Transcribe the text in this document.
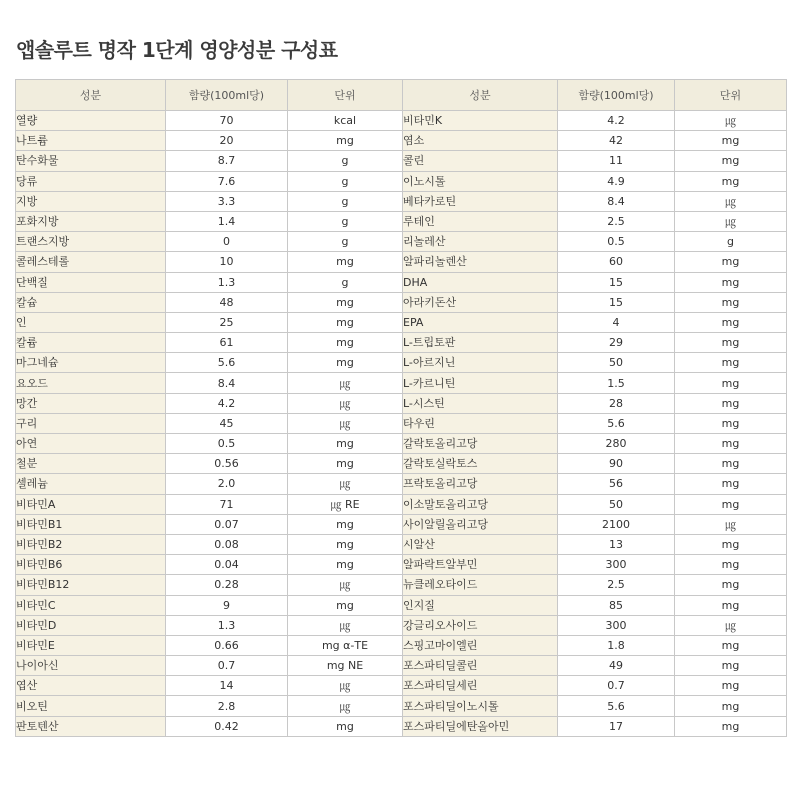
앱솔루트 명작 1단계 영양성분 구성표
성분	함량(100ml당)	단위	성분	함량(100ml당)	단위
열량	70	kcal	비타민K	4.2	㎍
나트륨	20	mg	염소	42	mg
탄수화물	8.7	g	콜린	11	mg
당류	7.6	g	이노시톨	4.9	mg
지방	3.3	g	베타카로틴	8.4	㎍
포화지방	1.4	g	루테인	2.5	㎍
트랜스지방	0	g	리놀레산	0.5	g
콜레스테롤	10	mg	알파리놀렌산	60	mg
단백질	1.3	g	DHA	15	mg
칼슘	48	mg	아라키돈산	15	mg
인	25	mg	EPA	4	mg
칼륨	61	mg	L-트립토판	29	mg
마그네슘	5.6	mg	L-아르지닌	50	mg
요오드	8.4	㎍	L-카르니틴	1.5	mg
망간	4.2	㎍	L-시스틴	28	mg
구리	45	㎍	타우린	5.6	mg
아연	0.5	mg	갈락토올리고당	280	mg
철분	0.56	mg	갈락토실락토스	90	mg
셀레늄	2.0	㎍	프락토올리고당	56	mg
비타민A	71	㎍ RE	이소말토올리고당	50	mg
비타민B1	0.07	mg	사이알릴올리고당	2100	㎍
비타민B2	0.08	mg	시알산	13	mg
비타민B6	0.04	mg	알파락트알부민	300	mg
비타민B12	0.28	㎍	뉴클레오타이드	2.5	mg
비타민C	9	mg	인지질	85	mg
비타민D	1.3	㎍	강글리오사이드	300	㎍
비타민E	0.66	mg α-TE	스핑고마이엘린	1.8	mg
나이아신	0.7	mg NE	포스파티딜콜린	49	mg
엽산	14	㎍	포스파티딜세린	0.7	mg
비오틴	2.8	㎍	포스파티딜이노시톨	5.6	mg
판토텐산	0.42	mg	포스파티딜에탄올아민	17	mg
